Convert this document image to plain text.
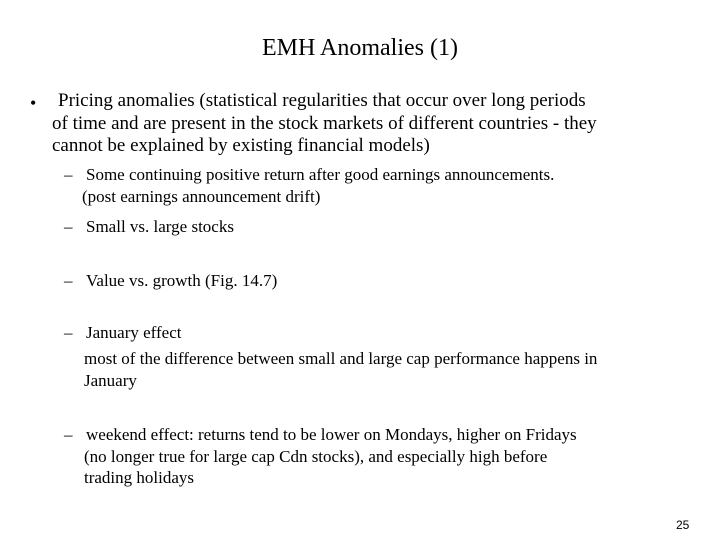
EMH Anomalies (1)
• Pricing anomalies (statistical regularities that occur over long periods
of time and are present in the stock markets of different countries - they
cannot be explained by existing financial models)
– Some continuing positive return after good earnings announcements.
(post earnings announcement drift)
– Small vs. large stocks
– Value vs. growth (Fig. 14.7)
– January effect
most of the difference between small and large cap performance happens in
January
– weekend effect: returns tend to be lower on Mondays, higher on Fridays
(no longer true for large cap Cdn stocks), and especially high before
trading holidays
25
